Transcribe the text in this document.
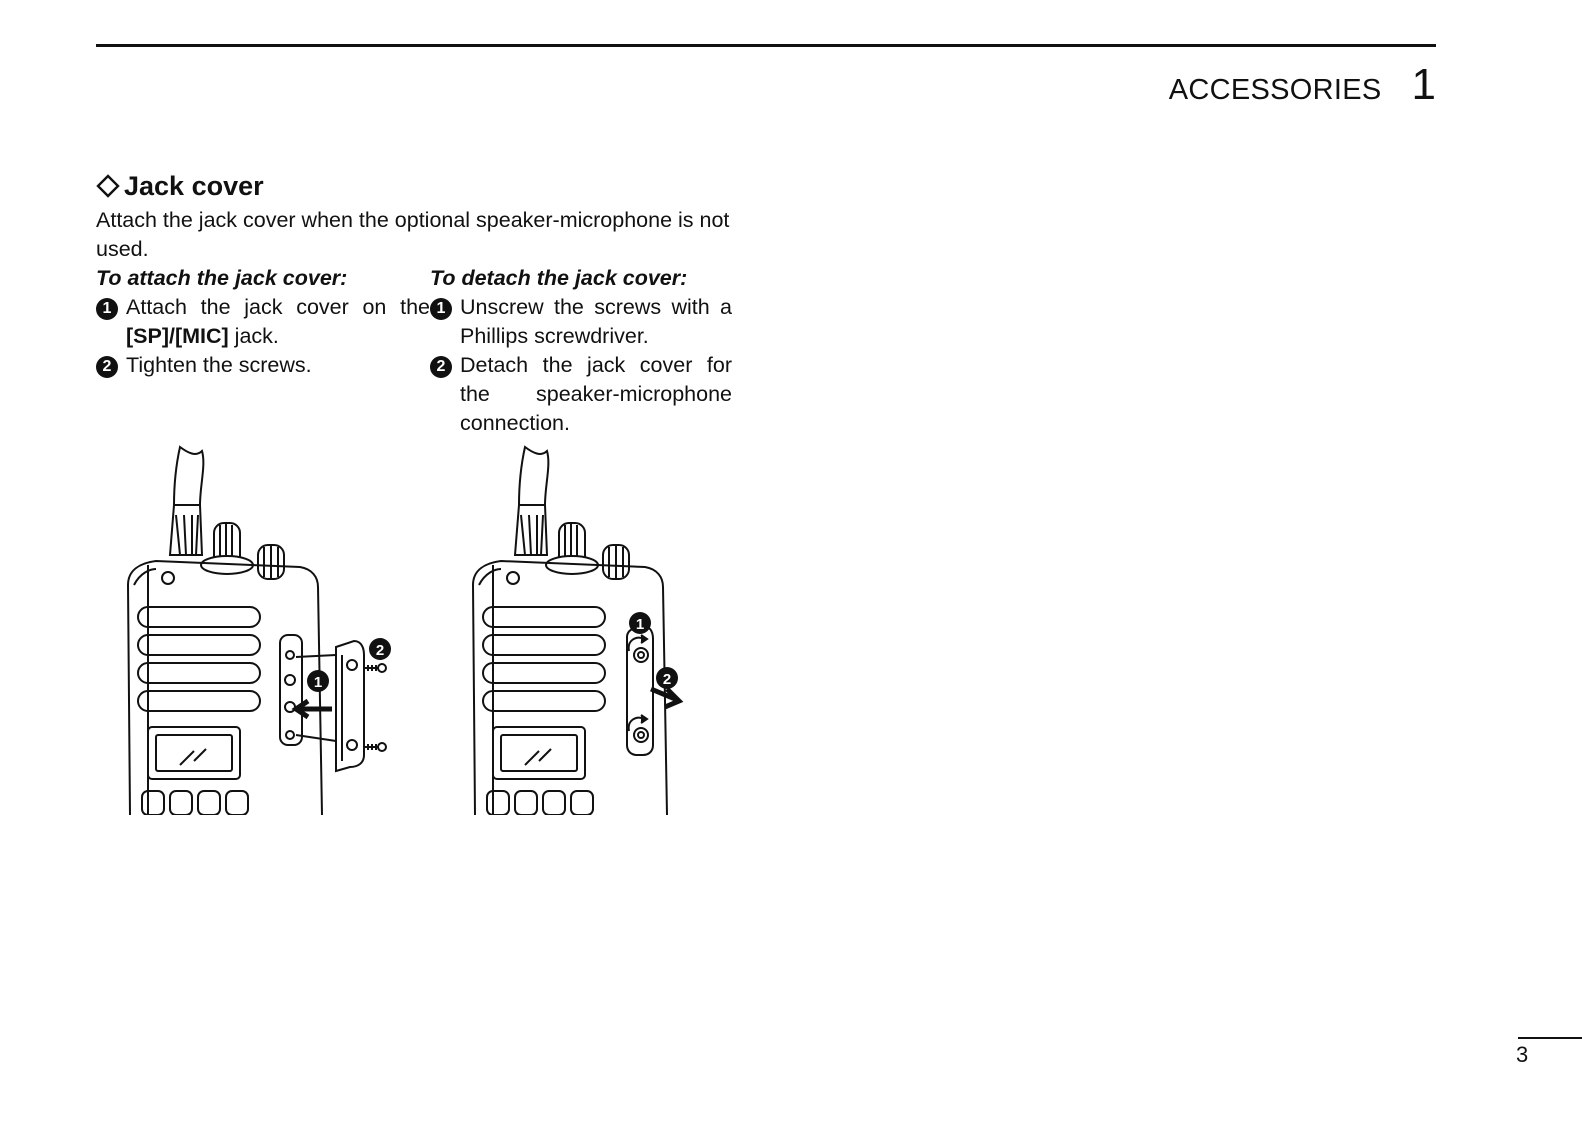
ACCESSORIES 1
Jack cover
Attach the jack cover when the optional speaker-microphone is not used.
To attach the jack cover:
1 Attach the jack cover on the [SP]/[MIC] jack.
2 Tighten the screws.
To detach the jack cover:
1 Unscrew the screws with a Phillips screwdriver.
2 Detach the jack cover for the speaker-microphone connection.
2
1
1
2
3
